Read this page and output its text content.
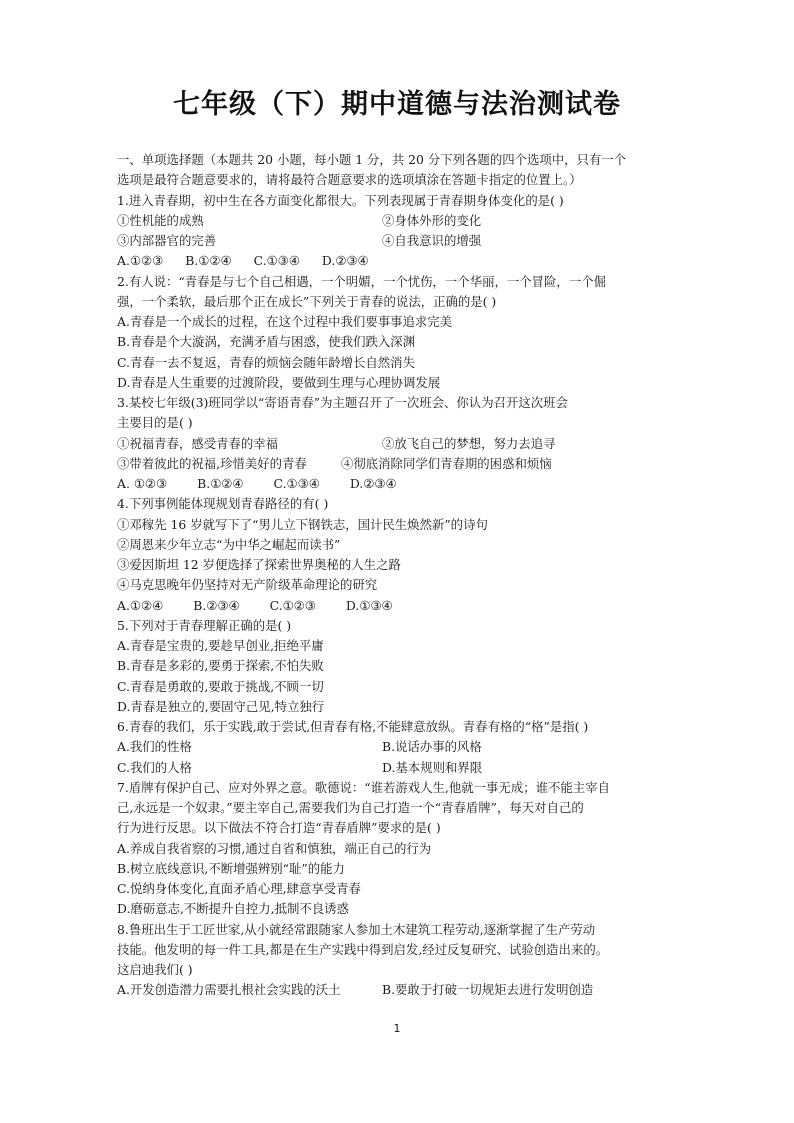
七年级（下）期中道德与法治测试卷
一、单项选择题（本题共 20 小题，每小题 1 分，共 20 分下列各题的四个选项中，只有一个
选项是最符合题意要求的，请将最符合题意要求的选项填涂在答题卡指定的位置上。）
1.进入青春期，初中生在各方面变化都很大。下列表现属于青春期身体变化的是( )
①性机能的成熟	②身体外形的变化
③内部器官的完善	④自我意识的增强
A.①②③ B.①②④ C.①③④ D.②③④
2.有人说：“青春是与七个自己相遇，一个明媚，一个忧伤，一个华丽，一个冒险，一个倔
强，一个柔软，最后那个正在成长”下列关于青春的说法，正确的是( )
A.青春是一个成长的过程，在这个过程中我们要事事追求完美
B.青春是个大漩涡，充满矛盾与困惑，使我们跌入深渊
C.青春一去不复返，青春的烦恼会随年龄增长自然消失
D.青春是人生重要的过渡阶段，要做到生理与心理协调发展
3.某校七年级(3)班同学以“寄语青春”为主题召开了一次班会、你认为召开这次班会
主要目的是( )
①祝福青春，感受青春的幸福	②放飞自己的梦想，努力去追寻
③带着彼此的祝福,珍惜美好的青春	④彻底消除同学们青春期的困惑和烦恼
A. ①②③ B.①②④ C.①③④ D.②③④
4.下列事例能体现规划青春路径的有( )
①邓稼先 16 岁就写下了“男儿立下钢铁志，国计民生焕然新”的诗句
②周恩来少年立志“为中华之崛起而读书”
③爱因斯坦 12 岁便选择了探索世界奥秘的人生之路
④马克思晚年仍坚持对无产阶级革命理论的研究
A.①②④ B.②③④ C.①②③ D.①③④
5.下列对于青春理解正确的是( )
A.青春是宝贵的,要趁早创业,拒绝平庸
B.青春是多彩的,要勇于探索,不怕失败
C.青春是勇敢的,要敢于挑战,不顾一切
D.青春是独立的,要固守己见,特立独行
6.青春的我们，乐于实践,敢于尝试,但青春有格,不能肆意放纵。青春有格的“格”是指( )
A.我们的性格	B.说话办事的风格
C.我们的人格	D.基本规则和界限
7.盾牌有保护自己、应对外界之意。歌德说：“谁若游戏人生,他就一事无成；谁不能主宰自
己,永远是一个奴隶。”要主宰自己,需要我们为自己打造一个“青春盾牌”，每天对自己的
行为进行反思。以下做法不符合打造“青春盾牌”要求的是( )
A.养成自我省察的习惯,通过自省和慎独，端正自己的行为
B.树立底线意识,不断增强辨别“耻”的能力
C.悦纳身体变化,直面矛盾心理,肆意享受青春
D.磨砺意志,不断提升自控力,抵制不良诱惑
8.鲁班出生于工匠世家,从小就经常跟随家人参加土木建筑工程劳动,逐渐掌握了生产劳动
技能。他发明的每一件工具,都是在生产实践中得到启发,经过反复研究、试验创造出来的。
这启迪我们( )
A.开发创造潜力需要扎根社会实践的沃土	B.要敢于打破一切规矩去进行发明创造
1
